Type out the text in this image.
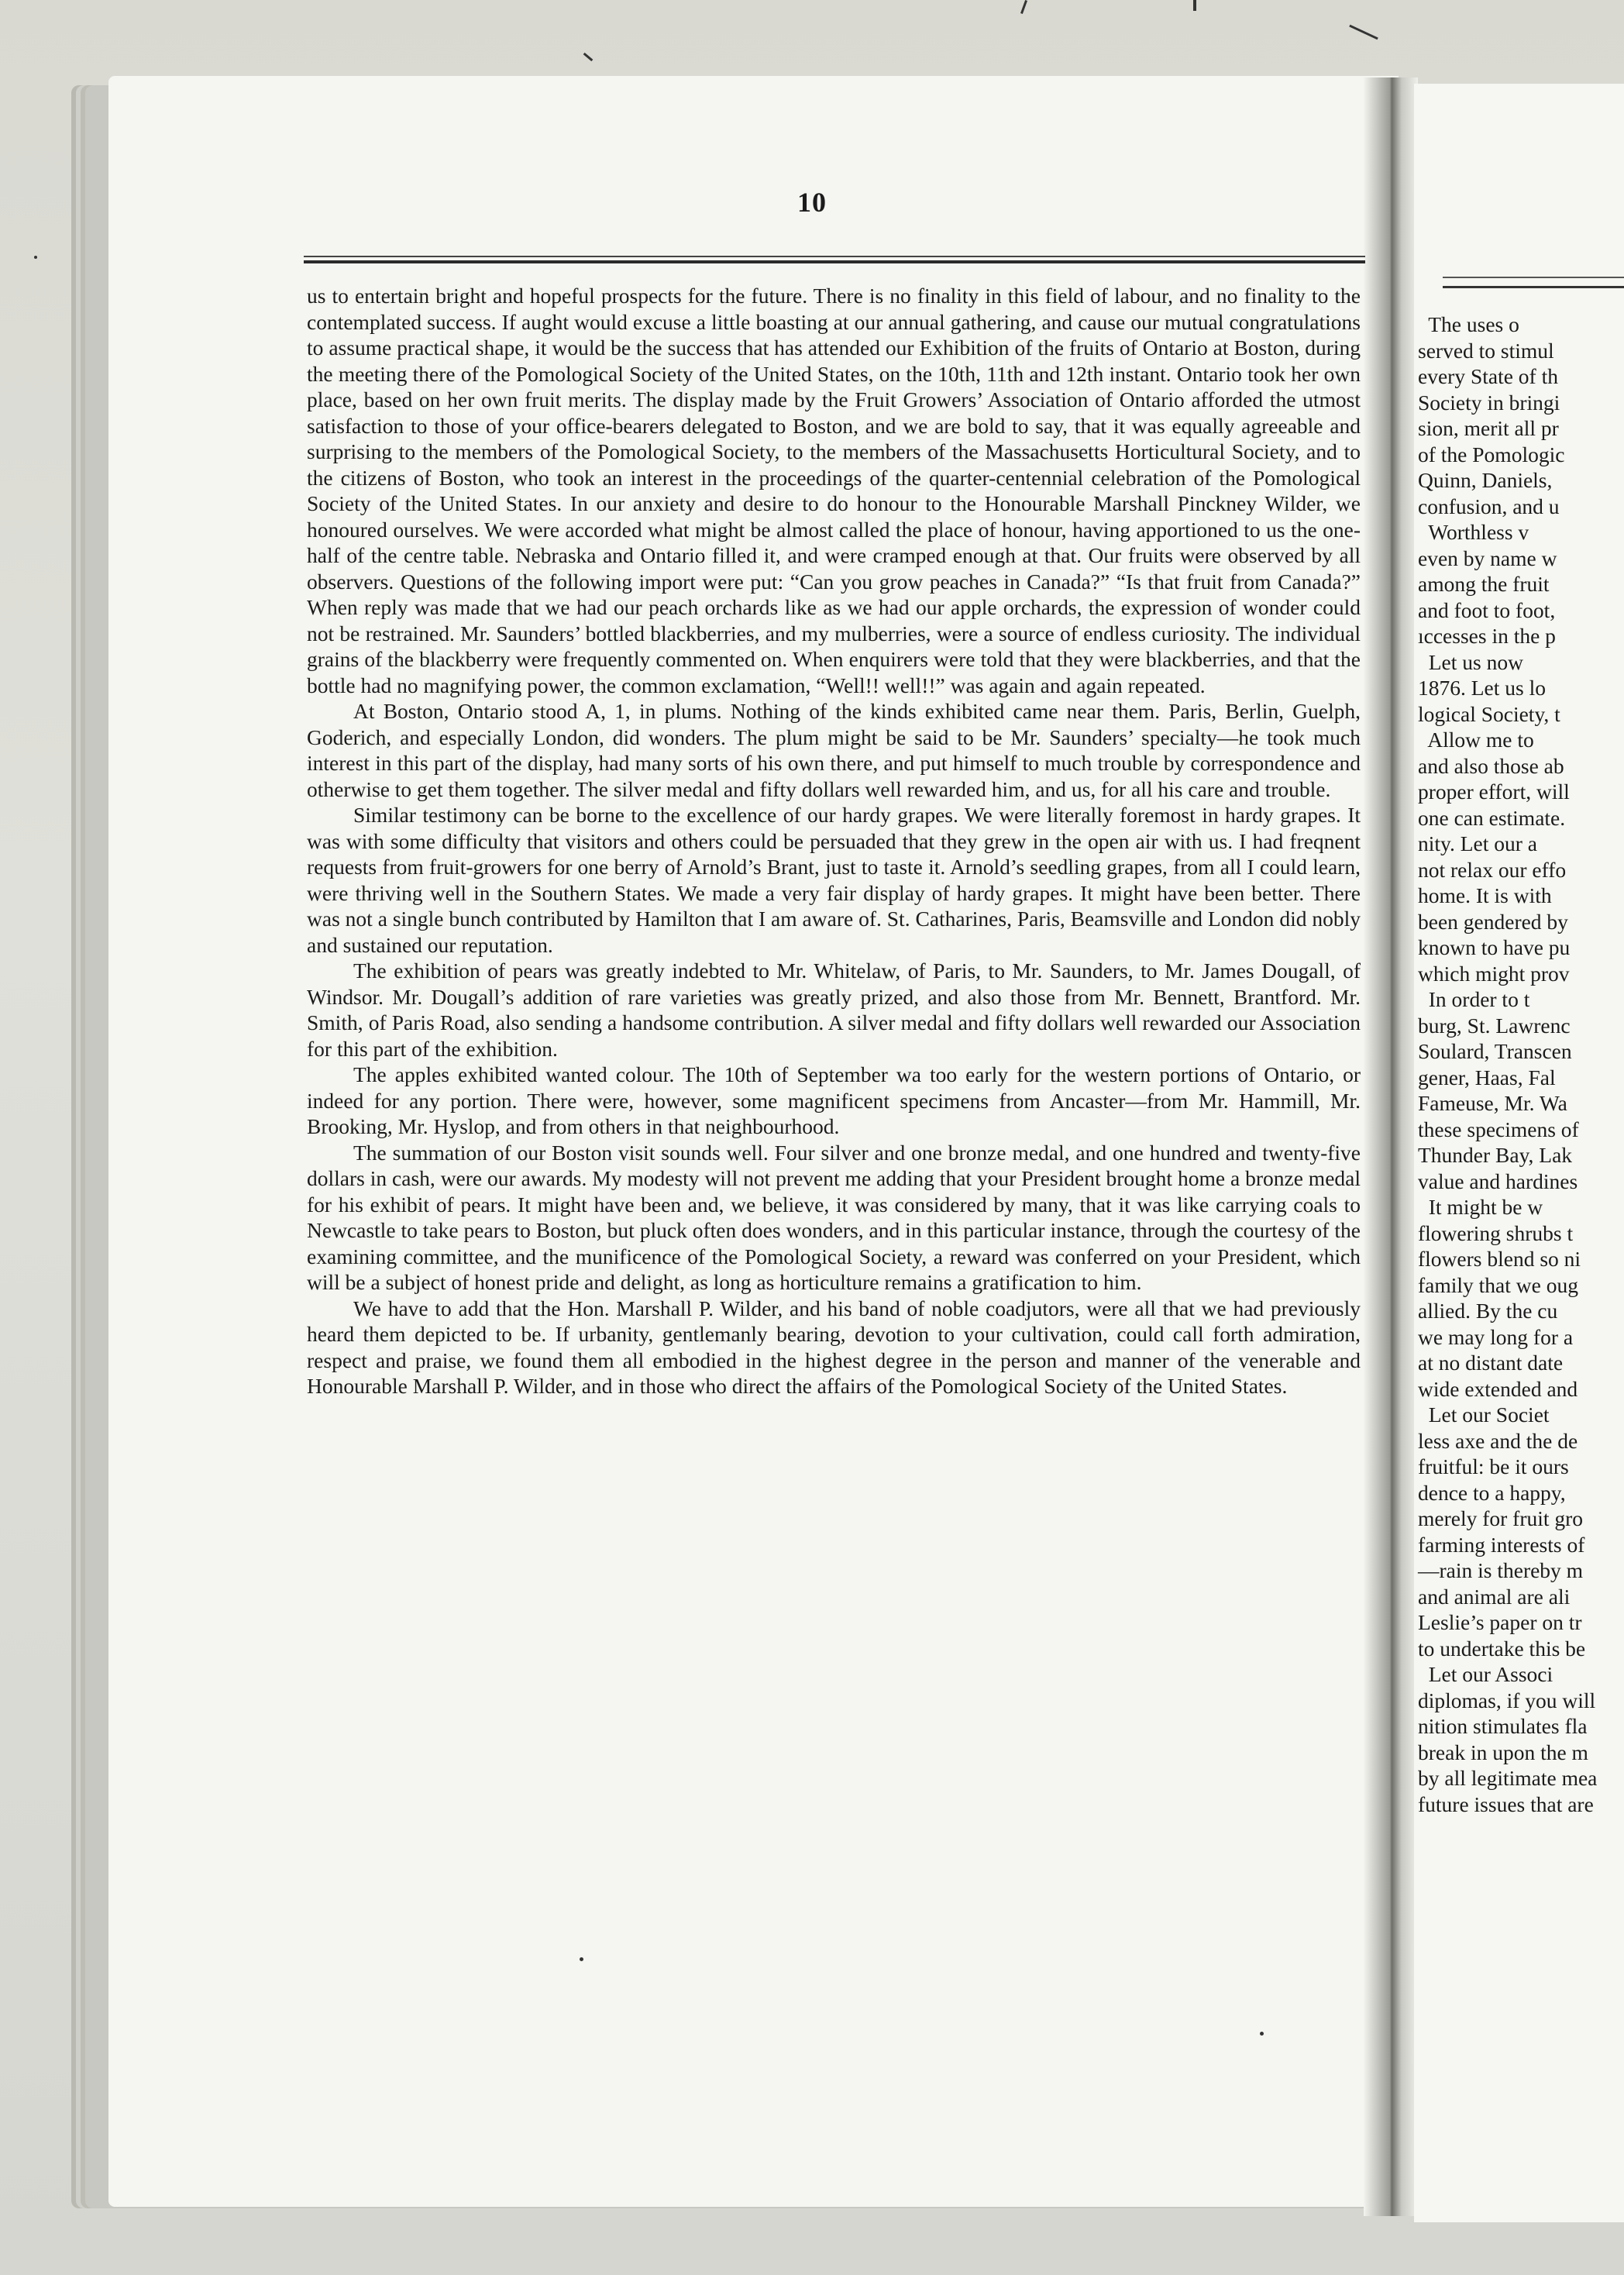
10

us to entertain bright and hopeful prospects for the future. There is no finality in this field of labour, and no finality to the contemplated success. If aught would excuse a little boasting at our annual gathering, and cause our mutual congratulations to assume practical shape, it would be the success that has attended our Exhibition of the fruits of Ontario at Boston, during the meeting there of the Pomological Society of the United States, on the 10th, 11th and 12th instant. Ontario took her own place, based on her own fruit merits. The display made by the Fruit Growers’ Association of Ontario afforded the utmost satisfaction to those of your office-bearers delegated to Boston, and we are bold to say, that it was equally agreeable and surprising to the members of the Pomological Society, to the members of the Massachusetts Horticultural Society, and to the citizens of Boston, who took an interest in the proceedings of the quarter-centennial celebration of the Pomological Society of the United States. In our anxiety and desire to do honour to the Honourable Marshall Pinckney Wilder, we honoured ourselves. We were accorded what might be almost called the place of honour, having apportioned to us the one-half of the centre table. Nebraska and Ontario filled it, and were cramped enough at that. Our fruits were observed by all observers. Questions of the following import were put: “Can you grow peaches in Canada?” “Is that fruit from Canada?” When reply was made that we had our peach orchards like as we had our apple orchards, the expression of wonder could not be restrained. Mr. Saunders’ bottled blackberries, and my mulberries, were a source of endless curiosity. The individual grains of the blackberry were frequently commented on. When enquirers were told that they were blackberries, and that the bottle had no magnifying power, the common exclamation, “Well!! well!!” was again and again repeated.

At Boston, Ontario stood A, 1, in plums. Nothing of the kinds exhibited came near them. Paris, Berlin, Guelph, Goderich, and especially London, did wonders. The plum might be said to be Mr. Saunders’ specialty—he took much interest in this part of the display, had many sorts of his own there, and put himself to much trouble by correspondence and otherwise to get them together. The silver medal and fifty dollars well rewarded him, and us, for all his care and trouble.

Similar testimony can be borne to the excellence of our hardy grapes. We were literally foremost in hardy grapes. It was with some difficulty that visitors and others could be persuaded that they grew in the open air with us. I had freqnent requests from fruit-growers for one berry of Arnold’s Brant, just to taste it. Arnold’s seedling grapes, from all I could learn, were thriving well in the Southern States. We made a very fair display of hardy grapes. It might have been better. There was not a single bunch contributed by Hamilton that I am aware of. St. Catharines, Paris, Beamsville and London did nobly and sustained our reputation.

The exhibition of pears was greatly indebted to Mr. Whitelaw, of Paris, to Mr. Saunders, to Mr. James Dougall, of Windsor. Mr. Dougall’s addition of rare varieties was greatly prized, and also those from Mr. Bennett, Brantford. Mr. Smith, of Paris Road, also sending a handsome contribution. A silver medal and fifty dollars well rewarded our Association for this part of the exhibition.

The apples exhibited wanted colour. The 10th of September wa too early for the western portions of Ontario, or indeed for any portion. There were, however, some magnificent specimens from Ancaster—from Mr. Hammill, Mr. Brooking, Mr. Hyslop, and from others in that neighbourhood.

The summation of our Boston visit sounds well. Four silver and one bronze medal, and one hundred and twenty-five dollars in cash, were our awards. My modesty will not prevent me adding that your President brought home a bronze medal for his exhibit of pears. It might have been and, we believe, it was considered by many, that it was like carrying coals to Newcastle to take pears to Boston, but pluck often does wonders, and in this particular instance, through the courtesy of the examining committee, and the munificence of the Pomological Society, a reward was conferred on your President, which will be a subject of honest pride and delight, as long as horticulture remains a gratification to him.

We have to add that the Hon. Marshall P. Wilder, and his band of noble coadjutors, were all that we had previously heard them depicted to be. If urbanity, gentlemanly bearing, devotion to your cultivation, could call forth admiration, respect and praise, we found them all embodied in the highest degree in the person and manner of the venerable and Honourable Marshall P. Wilder, and in those who direct the affairs of the Pomological Society of the United States.

The uses o
served to stimul
every State of th
Society in bringi
sion, merit all pr
of the Pomologic
Quinn, Daniels,
confusion, and u
Worthless v
even by name w
among the fruit
and foot to foot,
ıccesses in the p
Let us now
1876. Let us lo
logical Society, t
Allow me to
and also those ab
proper effort, will
one can estimate.
nity. Let our a
not relax our effo
home. It is with
been gendered by
known to have pu
which might prov
In order to t
burg, St. Lawrenc
Soulard, Transcen
gener, Haas, Fal
Fameuse, Mr. Wa
these specimens of
Thunder Bay, Lak
value and hardines
It might be w
flowering shrubs t
flowers blend so ni
family that we oug
allied. By the cu
we may long for a
at no distant date
wide extended and
Let our Societ
less axe and the de
fruitful: be it ours
dence to a happy,
merely for fruit gro
farming interests of
—rain is thereby m
and animal are ali
Leslie’s paper on tr
to undertake this be
Let our Associ
diplomas, if you will
nition stimulates fla
break in upon the m
by all legitimate mea
future issues that are
